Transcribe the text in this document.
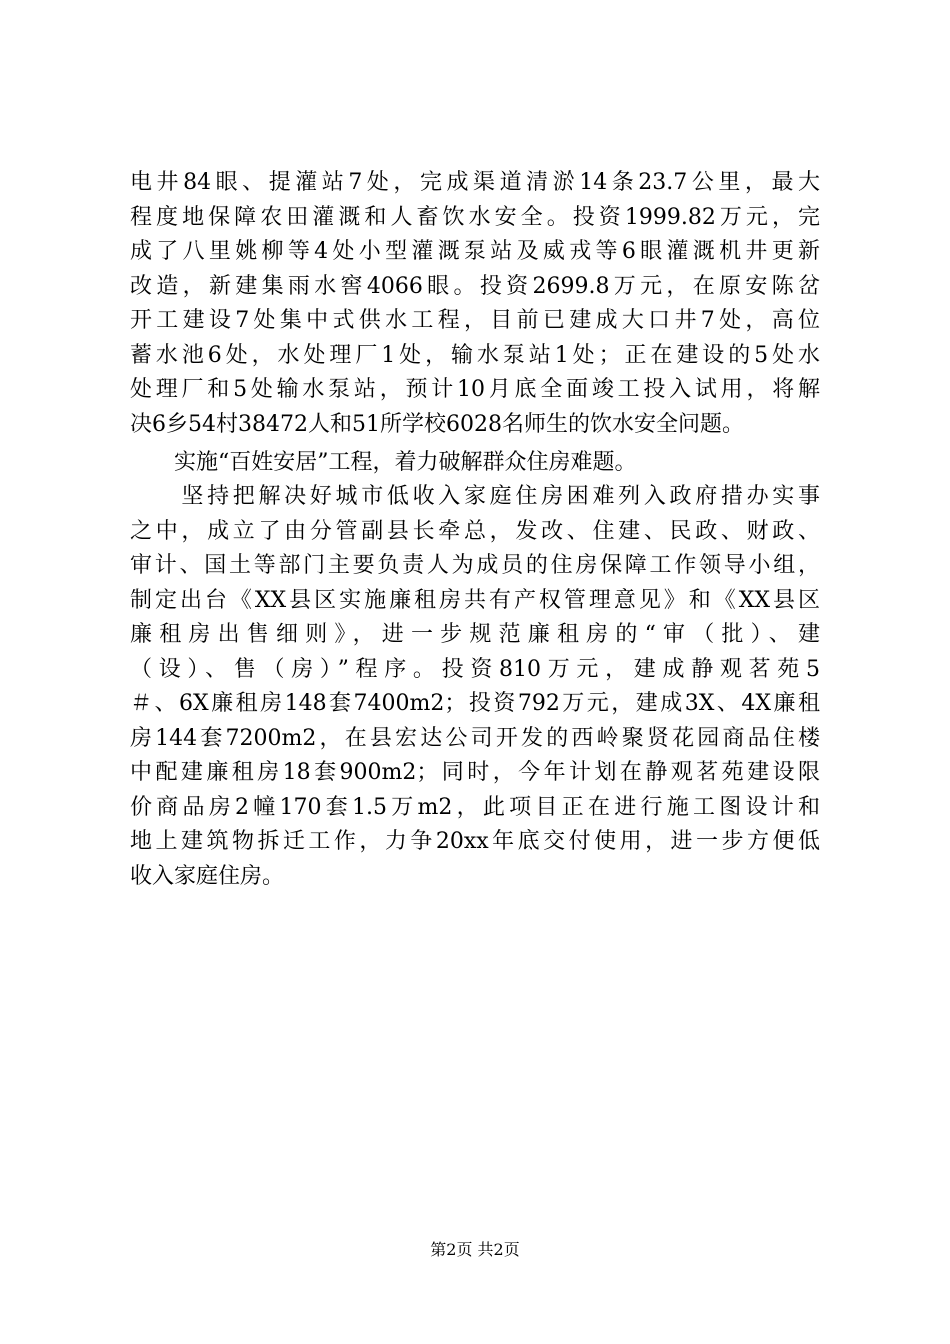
电井84眼、提灌站7处，完成渠道清淤14条23.7公里，最大
程度地保障农田灌溉和人畜饮水安全。投资1999.82万元，完
成了八里姚柳等4处小型灌溉泵站及威戎等6眼灌溉机井更新
改造，新建集雨水窖4066眼。投资2699.8万元，在原安陈岔
开工建设7处集中式供水工程，目前已建成大口井7处，高位
蓄水池6处，水处理厂1处，输水泵站1处；正在建设的5处水
处理厂和5处输水泵站，预计10月底全面竣工投入试用，将解
决6乡54村38472人和51所学校6028名师生的饮水安全问题。
实施“百姓安居”工程，着力破解群众住房难题。
　　坚持把解决好城市低收入家庭住房困难列入政府措办实事
之中，成立了由分管副县长牵总，发改、住建、民政、财政、
审计、国土等部门主要负责人为成员的住房保障工作领导小组，
制定出台《XX县区实施廉租房共有产权管理意见》和《XX县区
廉租房出售细则》，进一步规范廉租房的“审（批）、建
（设）、售（房）”程序。投资810万元，建成静观茗苑5
＃、6X廉租房148套7400m2；投资792万元，建成3X、4X廉租
房144套7200m2，在县宏达公司开发的西岭聚贤花园商品住楼
中配建廉租房18套900m2；同时，今年计划在静观茗苑建设限
价商品房2幢170套1.5万m2，此项目正在进行施工图设计和
地上建筑物拆迁工作，力争20xx年底交付使用，进一步方便低
收入家庭住房。
第2页 共2页
